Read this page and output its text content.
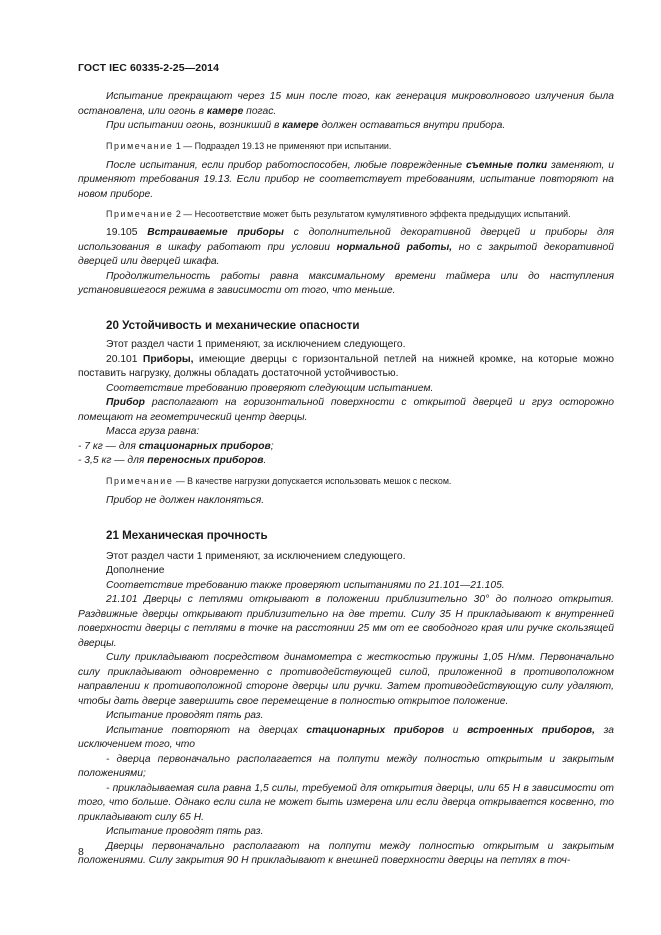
ГОСТ IEC 60335-2-25—2014

Испытание прекращают через 15 мин после того, как генерация микроволнового излучения была остановлена, или огонь в камере погас.

При испытании огонь, возникший в камере должен оставаться внутри прибора.

Примечание 1 — Подраздел 19.13 не применяют при испытании.

После испытания, если прибор работоспособен, любые поврежденные съемные полки заменяют, и применяют требования 19.13. Если прибор не соответствует требованиям, испытание повторяют на новом приборе.

Примечание 2 — Несоответствие может быть результатом кумулятивного эффекта предыдущих испытаний.

19.105 Встраиваемые приборы с дополнительной декоративной дверцей и приборы для использования в шкафу работают при условии нормальной работы, но с закрытой декоративной дверцей или дверцей шкафа.

Продолжительность работы равна максимальному времени таймера или до наступления установившегося режима в зависимости от того, что меньше.

20 Устойчивость и механические опасности

Этот раздел части 1 применяют, за исключением следующего.

20.101 Приборы, имеющие дверцы с горизонтальной петлей на нижней кромке, на которые можно поставить нагрузку, должны обладать достаточной устойчивостью.

Соответствие требованию проверяют следующим испытанием.

Прибор располагают на горизонтальной поверхности с открытой дверцей и груз осторожно помещают на геометрический центр дверцы.

Масса груза равна:

- 7 кг — для стационарных приборов;

- 3,5 кг — для переносных приборов.

Примечание — В качестве нагрузки допускается использовать мешок с песком.

Прибор не должен наклоняться.

21 Механическая прочность

Этот раздел части 1 применяют, за исключением следующего.

Дополнение

Соответствие требованию также проверяют испытаниями по 21.101—21.105.

21.101 Дверцы с петлями открывают в положении приблизительно 30° до полного открытия. Раздвижные дверцы открывают приблизительно на две трети. Силу 35 Н прикладывают к внутренней поверхности дверцы с петлями в точке на расстоянии 25 мм от ее свободного края или ручке скользящей дверцы.

Силу прикладывают посредством динамометра с жесткостью пружины 1,05 Н/мм. Первоначально силу прикладывают одновременно с противодействующей силой, приложенной в противоположном направлении к противоположной стороне дверцы или ручки. Затем противодействующую силу удаляют, чтобы дать дверце завершить свое перемещение в полностью открытое положение.

Испытание проводят пять раз.

Испытание повторяют на дверцах стационарных приборов и встроенных приборов, за исключением того, что

- дверца первоначально располагается на полпути между полностью открытым и закрытым положениями;

- прикладываемая сила равна 1,5 силы, требуемой для открытия дверцы, или 65 Н в зависимости от того, что больше. Однако если сила не может быть измерена или если дверца открывается косвенно, то прикладывают силу 65 Н.

Испытание проводят пять раз.

Дверцы первоначально располагают на полпути между полностью открытым и закрытым положениями. Силу закрытия 90 Н прикладывают к внешней поверхности дверцы на петлях в точ-

8
